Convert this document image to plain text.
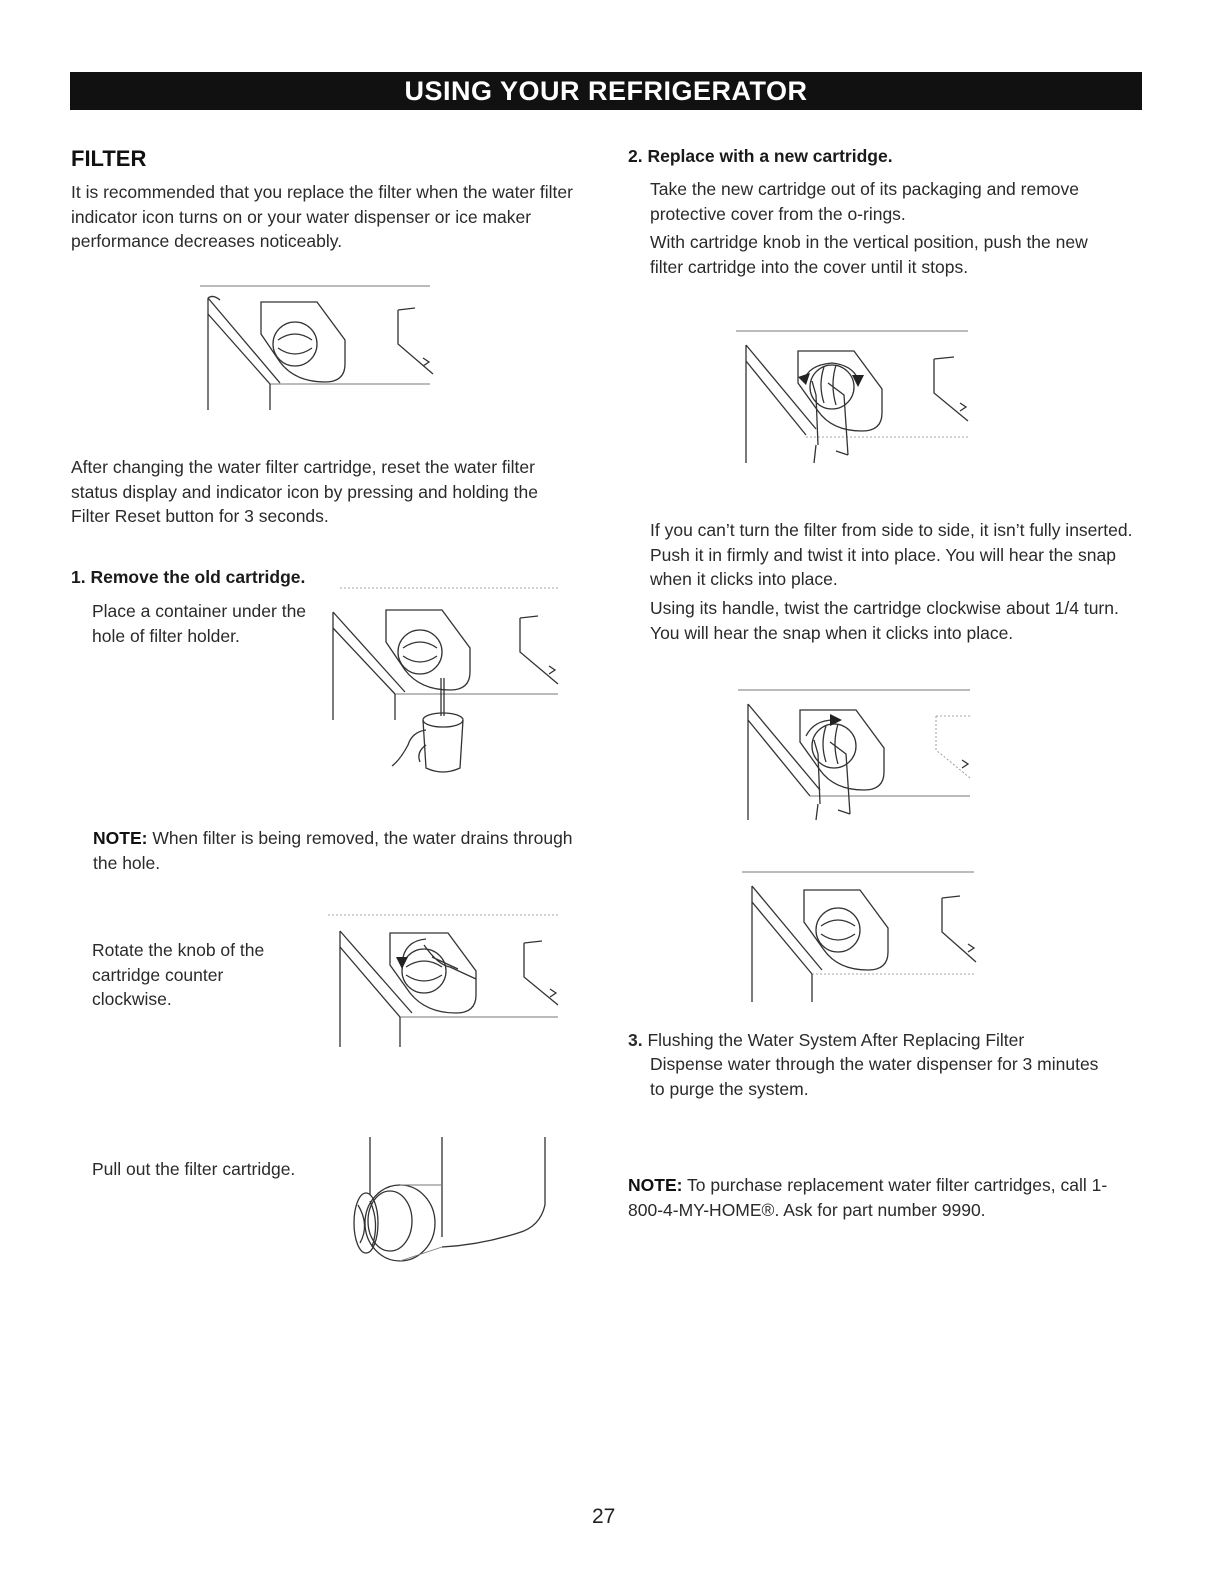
USING YOUR REFRIGERATOR
FILTER

It is recommended that you replace the filter when the water filter indicator icon turns on or your water dispenser or ice maker performance decreases noticeably.

After changing the water filter cartridge, reset the water filter status display and indicator icon by pressing and holding the Filter Reset button for 3 seconds.

1. Remove the old cartridge.

Place a container under the hole of filter holder.

NOTE: When filter is being removed, the water drains through the hole.

Rotate the knob of the cartridge counter clockwise.

Pull out the filter cartridge.

2. Replace with a new cartridge.

Take the new cartridge out of its packaging and remove protective cover from the o-rings.

With cartridge knob in the vertical position, push the new filter cartridge into the cover until it stops.

If you can’t turn the filter from side to side, it isn’t fully inserted. Push it in firmly and twist it into place. You will hear the snap when it clicks into place.

Using its handle, twist the cartridge clockwise about 1/4 turn. You will hear the snap when it clicks into place.

3. Flushing the Water System After Replacing Filter

Dispense water through the water dispenser for 3 minutes to purge the system.

NOTE: To purchase replacement water filter cartridges, call 1-800-4-MY-HOME®. Ask for part number 9990.
27
